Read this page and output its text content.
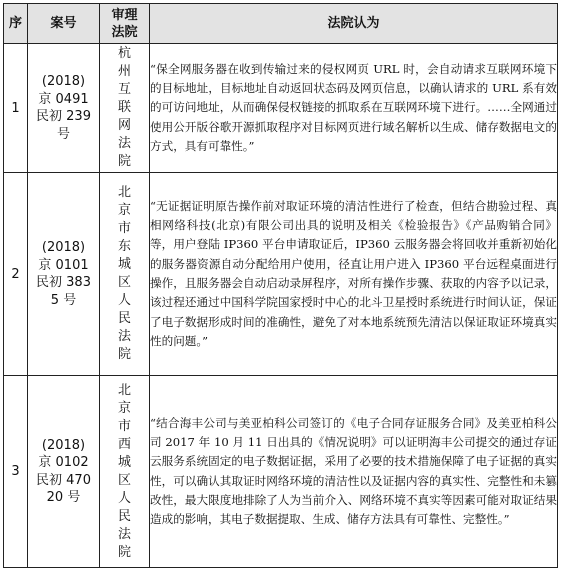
序	案号	审理法院	法院认为
1	(2018) 京 0491 民初 239 号	杭州互联网法院	“保全网服务器在收到传输过来的侵权网页 URL 时，会自动请求互联网环境下的目标地址，目标地址自动返回状态码及网页信息，以确认请求的 URL 系有效的可访问地址，从而确保侵权链接的抓取系在互联网环境下进行。……全网通过使用公开版谷歌开源抓取程序对目标网页进行域名解析以生成、储存数据电文的方式，具有可靠性。”
2	(2018) 京 0101 民初 3835 号	北京市东城区人民法院	“无证据证明原告操作前对取证环境的清洁性进行了检查，但结合勘验过程、真相网络科技(北京)有限公司出具的说明及相关《检验报告》《产品购销合同》等，用户登陆 IP360 平台申请取证后，IP360 云服务器会将回收并重新初始化的服务器资源自动分配给用户使用，径直让用户进入 IP360 平台远程桌面进行操作，且服务器会自动启动录屏程序，对所有操作步骤、获取的内容予以记录，该过程还通过中国科学院国家授时中心的北斗卫星授时系统进行时间认证，保证了电子数据形成时间的准确性，避免了对本地系统预先清洁以保证取证环境真实性的问题。”
3	(2018) 京 0102 民初 47020 号	北京市西城区人民法院	“结合海丰公司与美亚柏科公司签订的《电子合同存证服务合同》及美亚柏科公司 2017 年 10 月 11 日出具的《情况说明》可以证明海丰公司提交的通过存证云服务系统固定的电子数据证据，采用了必要的技术措施保障了电子证据的真实性，可以确认其取证时网络环境的清洁性以及证据内容的真实性、完整性和未篡改性，最大限度地排除了人为当前介入、网络环境不真实等因素可能对取证结果造成的影响，其电子数据提取、生成、储存方法具有可靠性、完整性。”
